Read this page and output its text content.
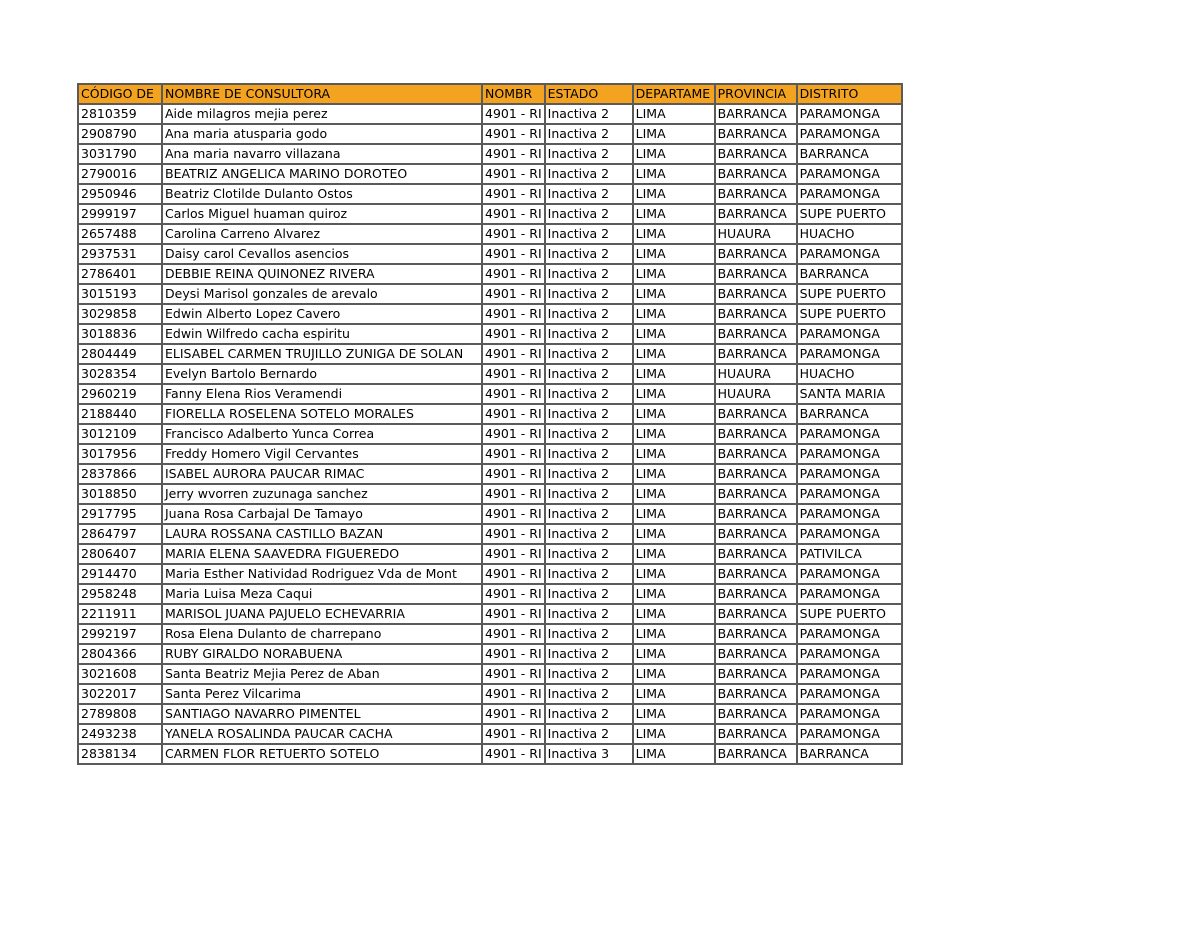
CÓDIGO DE	NOMBRE DE CONSULTORA	NOMBR	ESTADO	DEPARTAME	PROVINCIA	DISTRITO
2810359	Aide milagros mejia perez	4901 - RI	Inactiva 2	LIMA	BARRANCA	PARAMONGA
2908790	Ana maria atusparia godo	4901 - RI	Inactiva 2	LIMA	BARRANCA	PARAMONGA
3031790	Ana maria navarro villazana	4901 - RI	Inactiva 2	LIMA	BARRANCA	BARRANCA
2790016	BEATRIZ ANGELICA MARINO DOROTEO	4901 - RI	Inactiva 2	LIMA	BARRANCA	PARAMONGA
2950946	Beatriz Clotilde Dulanto Ostos	4901 - RI	Inactiva 2	LIMA	BARRANCA	PARAMONGA
2999197	Carlos Miguel huaman quiroz	4901 - RI	Inactiva 2	LIMA	BARRANCA	SUPE PUERTO
2657488	Carolina Carreno Alvarez	4901 - RI	Inactiva 2	LIMA	HUAURA	HUACHO
2937531	Daisy carol Cevallos asencios	4901 - RI	Inactiva 2	LIMA	BARRANCA	PARAMONGA
2786401	DEBBIE REINA QUINONEZ RIVERA	4901 - RI	Inactiva 2	LIMA	BARRANCA	BARRANCA
3015193	Deysi Marisol gonzales de arevalo	4901 - RI	Inactiva 2	LIMA	BARRANCA	SUPE PUERTO
3029858	Edwin Alberto Lopez Cavero	4901 - RI	Inactiva 2	LIMA	BARRANCA	SUPE PUERTO
3018836	Edwin Wilfredo cacha espiritu	4901 - RI	Inactiva 2	LIMA	BARRANCA	PARAMONGA
2804449	ELISABEL CARMEN TRUJILLO ZUNIGA DE SOLAN	4901 - RI	Inactiva 2	LIMA	BARRANCA	PARAMONGA
3028354	Evelyn Bartolo Bernardo	4901 - RI	Inactiva 2	LIMA	HUAURA	HUACHO
2960219	Fanny Elena Rios Veramendi	4901 - RI	Inactiva 2	LIMA	HUAURA	SANTA MARIA
2188440	FIORELLA ROSELENA SOTELO MORALES	4901 - RI	Inactiva 2	LIMA	BARRANCA	BARRANCA
3012109	Francisco Adalberto Yunca Correa	4901 - RI	Inactiva 2	LIMA	BARRANCA	PARAMONGA
3017956	Freddy Homero Vigil Cervantes	4901 - RI	Inactiva 2	LIMA	BARRANCA	PARAMONGA
2837866	ISABEL AURORA PAUCAR RIMAC	4901 - RI	Inactiva 2	LIMA	BARRANCA	PARAMONGA
3018850	Jerry wvorren zuzunaga sanchez	4901 - RI	Inactiva 2	LIMA	BARRANCA	PARAMONGA
2917795	Juana Rosa Carbajal De Tamayo	4901 - RI	Inactiva 2	LIMA	BARRANCA	PARAMONGA
2864797	LAURA ROSSANA CASTILLO BAZAN	4901 - RI	Inactiva 2	LIMA	BARRANCA	PARAMONGA
2806407	MARIA ELENA SAAVEDRA FIGUEREDO	4901 - RI	Inactiva 2	LIMA	BARRANCA	PATIVILCA
2914470	Maria Esther Natividad Rodriguez Vda de Mont	4901 - RI	Inactiva 2	LIMA	BARRANCA	PARAMONGA
2958248	Maria Luisa Meza Caqui	4901 - RI	Inactiva 2	LIMA	BARRANCA	PARAMONGA
2211911	MARISOL JUANA PAJUELO ECHEVARRIA	4901 - RI	Inactiva 2	LIMA	BARRANCA	SUPE PUERTO
2992197	Rosa Elena Dulanto de charrepano	4901 - RI	Inactiva 2	LIMA	BARRANCA	PARAMONGA
2804366	RUBY GIRALDO NORABUENA	4901 - RI	Inactiva 2	LIMA	BARRANCA	PARAMONGA
3021608	Santa Beatriz Mejia Perez de Aban	4901 - RI	Inactiva 2	LIMA	BARRANCA	PARAMONGA
3022017	Santa Perez Vilcarima	4901 - RI	Inactiva 2	LIMA	BARRANCA	PARAMONGA
2789808	SANTIAGO NAVARRO PIMENTEL	4901 - RI	Inactiva 2	LIMA	BARRANCA	PARAMONGA
2493238	YANELA ROSALINDA PAUCAR CACHA	4901 - RI	Inactiva 2	LIMA	BARRANCA	PARAMONGA
2838134	CARMEN FLOR RETUERTO SOTELO	4901 - RI	Inactiva 3	LIMA	BARRANCA	BARRANCA
